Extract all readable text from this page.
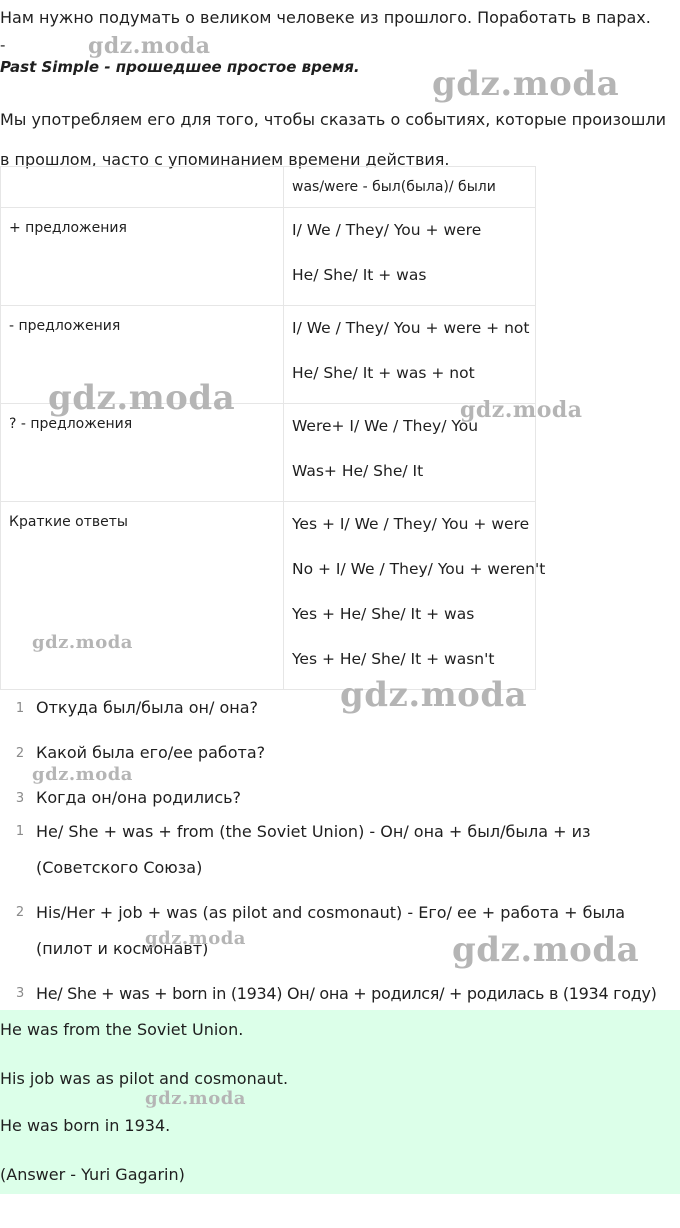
Нам нужно подумать о великом человеке из прошлого. Поработать в парах.
-
Past Simple - прошедшее простое время.
Мы употребляем его для того, чтобы сказать о событиях, которые произошли в прошлом, часто с упоминанием времени действия.

	was/were - был(была)/ были

+ предложения	I/ We / They/ You + were
He/ She/ It + was

- предложения	I/ We / They/ You + were + not
He/ She/ It + was + not

? - предложения	Were+ I/ We / They/ You
Was+ He/ She/ It

Краткие ответы	Yes + I/ We / They/ You + were
No + I/ We / They/ You + weren't
Yes + He/ She/ It + was
Yes + He/ She/ It + wasn't
1 Откуда был/была он/ она?
2 Какой была его/ее работа?
3 Когда он/она родились?
1 He/ She + was + from (the Soviet Union) - Он/ она + был/была + из (Советского Союза)
2 His/Her + job + was (as pilot and cosmonaut) - Его/ ее + работа + была (пилот и космонавт)
3 He/ She + was + born in (1934) Он/ она + родился/ + родилась в (1934 году)

He was from the Soviet Union.

His job was as pilot and cosmonaut.

He was born in 1934.

(Answer - Yuri Gagarin)

gdz.moda
gdz.moda
gdz.moda	gdz.moda
gdz.moda
gdz.moda
gdz.moda
gdz.moda	gdz.moda
gdz.moda
